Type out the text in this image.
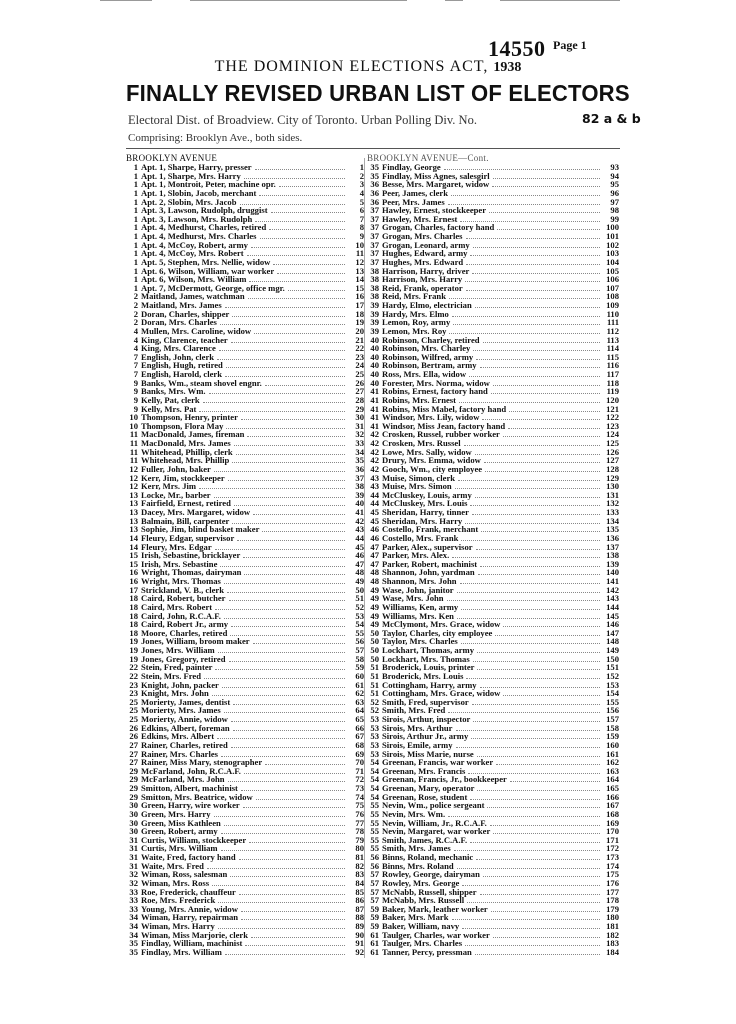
14550 Page 1
THE DOMINION ELECTIONS ACT, 1938
FINALLY REVISED URBAN LIST OF ELECTORS
Electoral Dist. of Broadview. City of Toronto. Urban Polling Div. No.	82 a & b
Comprising: Brooklyn Ave., both sides.
BROOKLYN AVENUE
1 Apt. 1, Sharpe, Harry, presser	1
1 Apt. 1, Sharpe, Mrs. Harry	2
1 Apt. 1, Montroit, Peter, machine opr.	3
1 Apt. 1, Slobin, Jacob, merchant	4
1 Apt. 2, Slobin, Mrs. Jacob	5
1 Apt. 3, Lawson, Rudolph, druggist	6
1 Apt. 3, Lawson, Mrs. Rudolph	7
1 Apt. 4, Medhurst, Charles, retired	8
1 Apt. 4, Medhurst, Mrs. Charles	9
1 Apt. 4, McCoy, Robert, army	10
1 Apt. 4, McCoy, Mrs. Robert	11
1 Apt. 5, Stephen, Mrs. Nellie, widow	12
1 Apt. 6, Wilson, William, war worker	13
1 Apt. 6, Wilson, Mrs. William	14
1 Apt. 7, McDermott, George, office mgr.	15
2 Maitland, James, watchman	16
2 Maitland, Mrs. James	17
2 Doran, Charles, shipper	18
2 Doran, Mrs. Charles	19
4 Mullen, Mrs. Caroline, widow	20
4 King, Clarence, teacher	21
4 King, Mrs. Clarence	22
7 English, John, clerk	23
7 English, Hugh, retired	24
7 English, Harold, clerk	25
9 Banks, Wm., steam shovel engnr.	26
9 Banks, Mrs. Wm.	27
9 Kelly, Pat, clerk	28
9 Kelly, Mrs. Pat	29
10 Thompson, Henry, printer	30
10 Thompson, Flora May	31
11 MacDonald, James, fireman	32
11 MacDonald, Mrs. James	33
11 Whitehead, Phillip, clerk	34
11 Whitehead, Mrs. Phillip	35
12 Fuller, John, baker	36
12 Kerr, Jim, stockkeeper	37
12 Kerr, Mrs. Jim	38
13 Locke, Mr., barber	39
13 Fairfield, Ernest, retired	40
13 Dacey, Mrs. Margaret, widow	41
13 Balmain, Bill, carpenter	42
13 Sophie, Jim, blind basket maker	43
14 Fleury, Edgar, supervisor	44
14 Fleury, Mrs. Edgar	45
15 Irish, Sebastine, bricklayer	46
15 Irish, Mrs. Sebastine	47
16 Wright, Thomas, dairyman	48
16 Wright, Mrs. Thomas	49
17 Strickland, V. B., clerk	50
18 Caird, Robert, butcher	51
18 Caird, Mrs. Robert	52
18 Caird, John, R.C.A.F.	53
18 Caird, Robert Jr., army	54
18 Moore, Charles, retired	55
19 Jones, William, broom maker	56
19 Jones, Mrs. William	57
19 Jones, Gregory, retired	58
22 Stein, Fred, painter	59
22 Stein, Mrs. Fred	60
23 Knight, John, packer	61
23 Knight, Mrs. John	62
25 Morierty, James, dentist	63
25 Morierty, Mrs. James	64
25 Morierty, Annie, widow	65
26 Edkins, Albert, foreman	66
26 Edkins, Mrs. Albert	67
27 Rainer, Charles, retired	68
27 Rainer, Mrs. Charles	69
27 Rainer, Miss Mary, stenographer	70
29 McFarland, John, R.C.A.F.	71
29 McFarland, Mrs. John	72
29 Smitton, Albert, machinist	73
29 Smitton, Mrs. Beatrice, widow	74
30 Green, Harry, wire worker	75
30 Green, Mrs. Harry	76
30 Green, Miss Kathleen	77
30 Green, Robert, army	78
31 Curtis, William, stockkeeper	79
31 Curtis, Mrs. William	80
31 Waite, Fred, factory hand	81
31 Waite, Mrs. Fred	82
32 Wiman, Ross, salesman	83
32 Wiman, Mrs. Ross	84
33 Roe, Frederick, chauffeur	85
33 Roe, Mrs. Frederick	86
33 Young, Mrs. Annie, widow	87
34 Wiman, Harry, repairman	88
34 Wiman, Mrs. Harry	89
34 Wiman, Miss Marjorie, clerk	90
35 Findlay, William, machinist	91
35 Findlay, Mrs. William	92
BROOKLYN AVENUE—Cont.
35 Findlay, George	93
35 Findlay, Miss Agnes, salesgirl	94
36 Besse, Mrs. Margaret, widow	95
36 Peer, James, clerk	96
36 Peer, Mrs. James	97
37 Hawley, Ernest, stockkeeper	98
37 Hawley, Mrs. Ernest	99
37 Grogan, Charles, factory hand	100
37 Grogan, Mrs. Charles	101
37 Grogan, Leonard, army	102
37 Hughes, Edward, army	103
37 Hughes, Mrs. Edward	104
38 Harrison, Harry, driver	105
38 Harrison, Mrs. Harry	106
38 Reid, Frank, operator	107
38 Reid, Mrs. Frank	108
39 Hardy, Elmo, electrician	109
39 Hardy, Mrs. Elmo	110
39 Lemon, Roy, army	111
39 Lemon, Mrs. Roy	112
40 Robinson, Charley, retired	113
40 Robinson, Mrs. Charley	114
40 Robinson, Wilfred, army	115
40 Robinson, Bertram, army	116
40 Ross, Mrs. Ella, widow	117
40 Forester, Mrs. Norma, widow	118
41 Robins, Ernest, factory hand	119
41 Robins, Mrs. Ernest	120
41 Robins, Miss Mabel, factory hand	121
41 Windsor, Mrs. Lily, widow	122
41 Windsor, Miss Jean, factory hand	123
42 Crosken, Russel, rubber worker	124
42 Crosken, Mrs. Russel	125
42 Lowe, Mrs. Sally, widow	126
42 Drury, Mrs. Emma, widow	127
42 Gooch, Wm., city employee	128
43 Muise, Simon, clerk	129
43 Muise, Mrs. Simon	130
44 McCluskey, Louis, army	131
44 McCluskey, Mrs. Louis	132
45 Sheridan, Harry, tinner	133
45 Sheridan, Mrs. Harry	134
46 Costello, Frank, merchant	135
46 Costello, Mrs. Frank	136
47 Parker, Alex., supervisor	137
47 Parker, Mrs. Alex.	138
47 Parker, Robert, machinist	139
48 Shannon, John, yardman	140
48 Shannon, Mrs. John	141
49 Wase, John, janitor	142
49 Wase, Mrs. John	143
49 Williams, Ken, army	144
49 Williams, Mrs. Ken	145
49 McClymont, Mrs. Grace, widow	146
50 Taylor, Charles, city employee	147
50 Taylor, Mrs. Charles	148
50 Lockhart, Thomas, army	149
50 Lockhart, Mrs. Thomas	150
51 Broderick, Louis, printer	151
51 Broderick, Mrs. Louis	152
51 Cottingham, Harry, army	153
51 Cottingham, Mrs. Grace, widow	154
52 Smith, Fred, supervisor	155
52 Smith, Mrs. Fred	156
53 Sirois, Arthur, inspector	157
53 Sirois, Mrs. Arthur	158
53 Sirois, Arthur Jr., army	159
53 Sirois, Emile, army	160
53 Sirois, Miss Marie, nurse	161
54 Greenan, Francis, war worker	162
54 Greenan, Mrs. Francis	163
54 Greenan, Francis, Jr., bookkeeper	164
54 Greenan, Mary, operator	165
54 Greenan, Rose, student	166
55 Nevin, Wm., police sergeant	167
55 Nevin, Mrs. Wm.	168
55 Nevin, William, Jr., R.C.A.F.	169
55 Nevin, Margaret, war worker	170
55 Smith, James, R.C.A.F.	171
55 Smith, Mrs. James	172
56 Binns, Roland, mechanic	173
56 Binns, Mrs. Roland	174
57 Rowley, George, dairyman	175
57 Rowley, Mrs. George	176
57 McNabb, Russell, shipper	177
57 McNabb, Mrs. Russell	178
59 Baker, Mark, leather worker	179
59 Baker, Mrs. Mark	180
59 Baker, William, navy	181
61 Taulger, Charles, war worker	182
61 Taulger, Mrs. Charles	183
61 Tanner, Percy, pressman	184
